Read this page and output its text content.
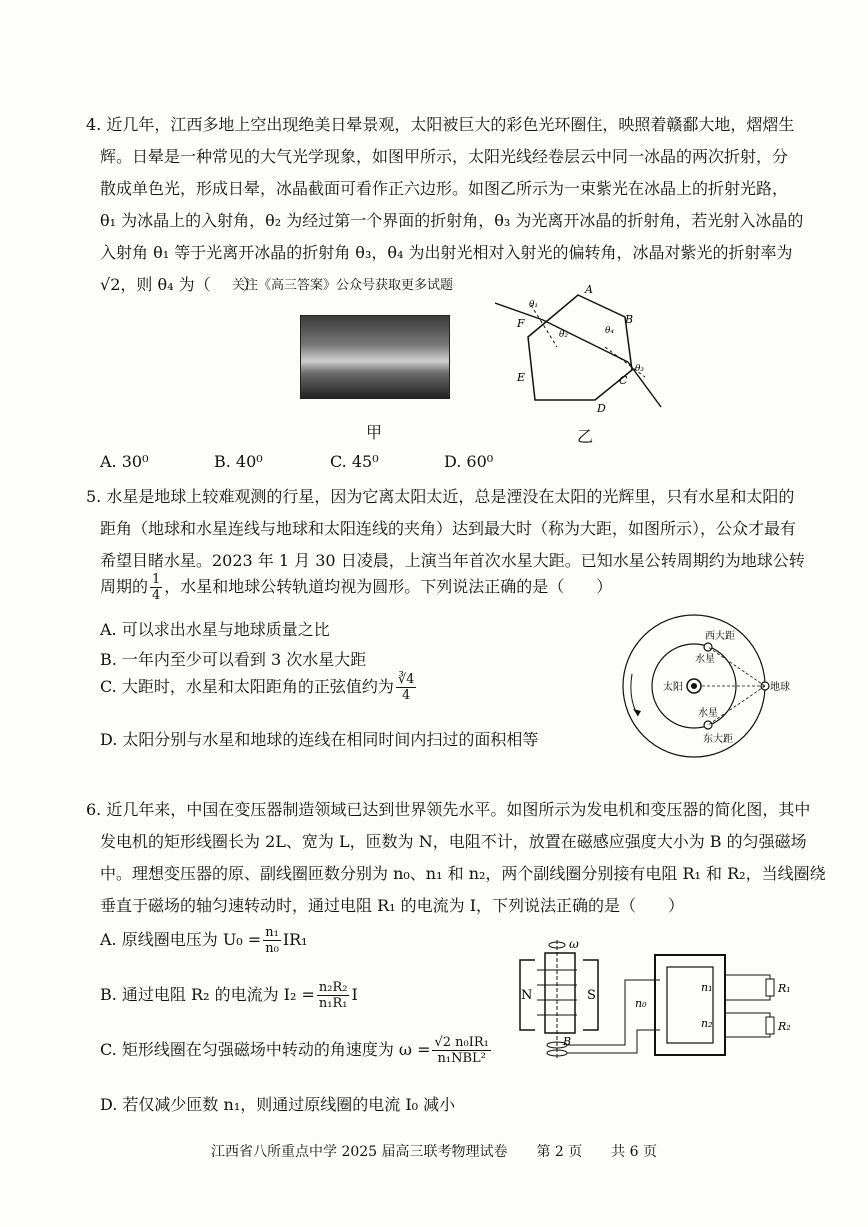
4. 近几年，江西多地上空出现绝美日晕景观，太阳被巨大的彩色光环圈住，映照着赣鄱大地，熠熠生
辉。日晕是一种常见的大气光学现象，如图甲所示，太阳光线经卷层云中同一冰晶的两次折射，分
散成单色光，形成日晕，冰晶截面可看作正六边形。如图乙所示为一束紫光在冰晶上的折射光路，
θ₁ 为冰晶上的入射角，θ₂ 为经过第一个界面的折射角，θ₃ 为光离开冰晶的折射角，若光射入冰晶的
入射角 θ₁ 等于光离开冰晶的折射角 θ₃，θ₄ 为出射光相对入射光的偏转角，冰晶对紫光的折射率为
√2，则 θ₄ 为（　　）
关注《高三答案》公众号获取更多试题
甲
A
B
C
D
E
F
θ₁
θ₂	θ₄
θ₃
乙
A. 30⁰	B. 40⁰	C. 45⁰	D. 60⁰
5. 水星是地球上较难观测的行星，因为它离太阳太近，总是湮没在太阳的光辉里，只有水星和太阳的
距角（地球和水星连线与地球和太阳连线的夹角）达到最大时（称为大距，如图所示），公众才最有
希望目睹水星。2023 年 1 月 30 日凌晨，上演当年首次水星大距。已知水星公转周期约为地球公转
周期的 $\frac{1}{4}$ ，水星和地球公转轨道均视为圆形。下列说法正确的是（　　）
A. 可以求出水星与地球质量之比
B. 一年内至少可以看到 3 次水星大距
C. 大距时，水星和太阳距角的正弦值约为 $\frac{∛4}{4}$
D. 太阳分别与水星和地球的连线在相同时间内扫过的面积相等
西大距
水星
太阳	地球
水星
东大距
6. 近几年来，中国在变压器制造领域已达到世界领先水平。如图所示为发电机和变压器的简化图，其中
发电机的矩形线圈长为 2L、宽为 L，匝数为 N，电阻不计，放置在磁感应强度大小为 B 的匀强磁场
中。理想变压器的原、副线圈匝数分别为 n₀、n₁ 和 n₂，两个副线圈分别接有电阻 R₁ 和 R₂，当线圈绕
垂直于磁场的轴匀速转动时，通过电阻 R₁ 的电流为 I，下列说法正确的是（　　）
A. 原线圈电压为 $U_0 = \frac{\text{n₁}}{\text{n₀}} IR_1$
B. 通过电阻 R₂ 的电流为 $I_2 = \frac{\text{n₂R₂}}{\text{n₁R₁}}$ I
C. 矩形线圈在匀强磁场中转动的角速度为 $\omega = \frac{\text{√2 n₀IR₁}}{\text{n₁NBL²}}$
D. 若仅减少匝数 n₁，则通过原线圈的电流 I₀ 减小
N	S
ω
B
n₀
n₁
n₂
R₁
R₂
江西省八所重点中学 2025 届高三联考物理试卷 第 2 页 共 6 页
